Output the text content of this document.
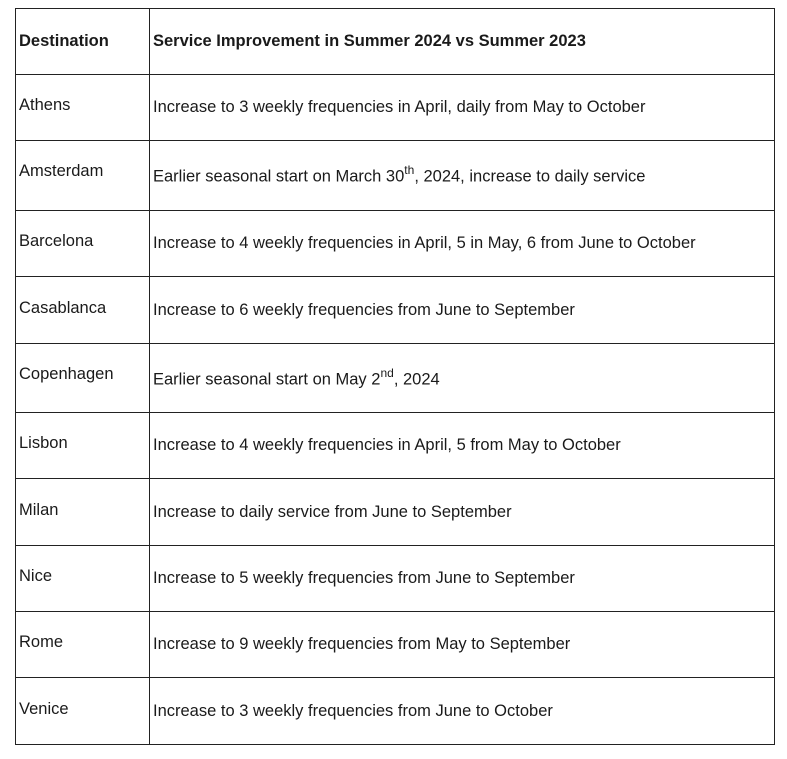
Destination	Service Improvement in Summer 2024 vs Summer 2023
Athens	Increase to 3 weekly frequencies in April, daily from May to October
Amsterdam	Earlier seasonal start on March 30th, 2024, increase to daily service
Barcelona	Increase to 4 weekly frequencies in April, 5 in May, 6 from June to October
Casablanca	Increase to 6 weekly frequencies from June to September
Copenhagen	Earlier seasonal start on May 2nd, 2024
Lisbon	Increase to 4 weekly frequencies in April, 5 from May to October
Milan	Increase to daily service from June to September
Nice	Increase to 5 weekly frequencies from June to September
Rome	Increase to 9 weekly frequencies from May to September
Venice	Increase to 3 weekly frequencies from June to October
